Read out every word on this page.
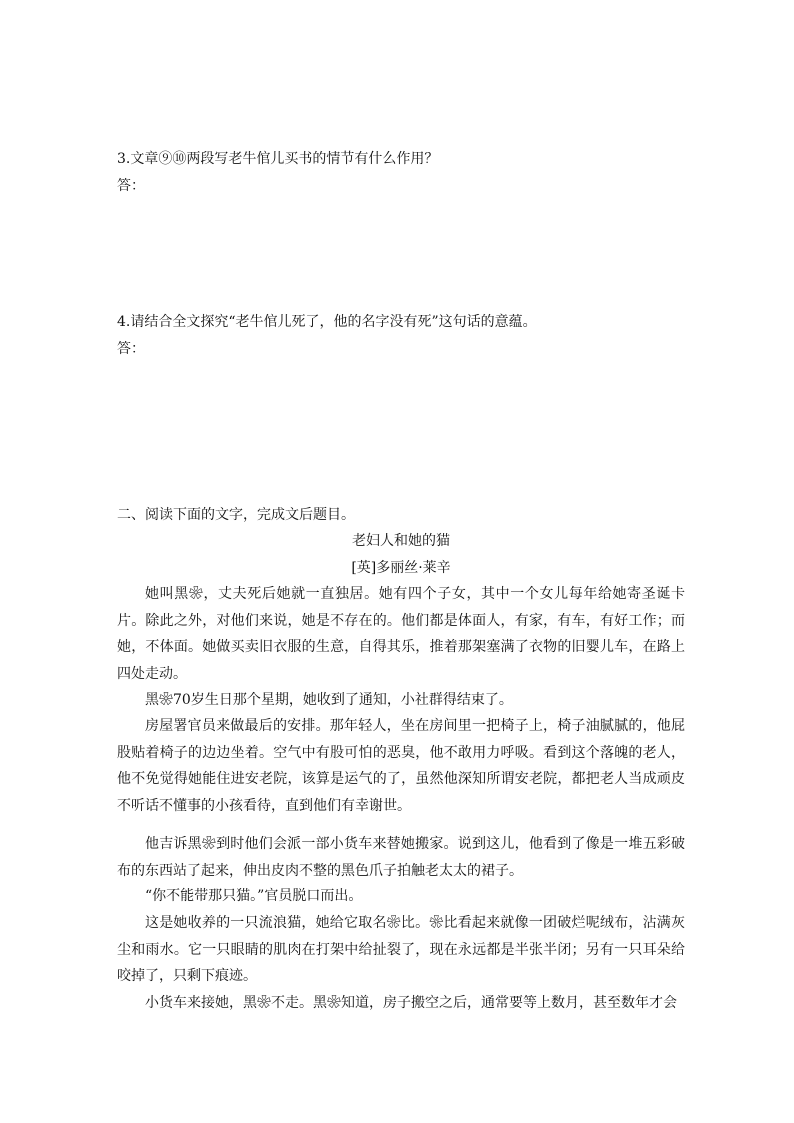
3.文章⑨⑩两段写老牛倌儿买书的情节有什么作用？
答：
4.请结合全文探究“老牛倌儿死了，他的名字没有死”这句话的意蕴。
答：
二、阅读下面的文字，完成文后题目。
老妇人和她的猫
[英]多丽丝·莱辛

她叫黑❀，丈夫死后她就一直独居。她有四个子女，其中一个女儿每年给她寄圣诞卡片。除此之外，对他们来说，她是不存在的。他们都是体面人，有家，有车，有好工作；而她，不体面。她做买卖旧衣服的生意，自得其乐，推着那架塞满了衣物的旧婴儿车，在路上四处走动。

黑❀70岁生日那个星期，她收到了通知，小社群得结束了。

房屋署官员来做最后的安排。那年轻人，坐在房间里一把椅子上，椅子油腻腻的，他屁股贴着椅子的边边坐着。空气中有股可怕的恶臭，他不敢用力呼吸。看到这个落魄的老人，他不免觉得她能住进安老院，该算是运气的了，虽然他深知所谓安老院，都把老人当成顽皮不听话不懂事的小孩看待，直到他们有幸谢世。

他吉诉黑❀到时他们会派一部小货车来替她搬家。说到这儿，他看到了像是一堆五彩破布的东西站了起来，伸出皮肉不整的黑色爪子拍触老太太的裙子。

“你不能带那只猫。”官员脱口而出。

这是她收养的一只流浪猫，她给它取名❀比。❀比看起来就像一团破烂呢绒布，沾满灰尘和雨水。它一只眼睛的肌肉在打架中给扯裂了，现在永远都是半张半闭；另有一只耳朵给咬掉了，只剩下痕迹。

小货车来接她，黑❀不走。黑❀知道，房子搬空之后，通常要等上数月，甚至数年才会
